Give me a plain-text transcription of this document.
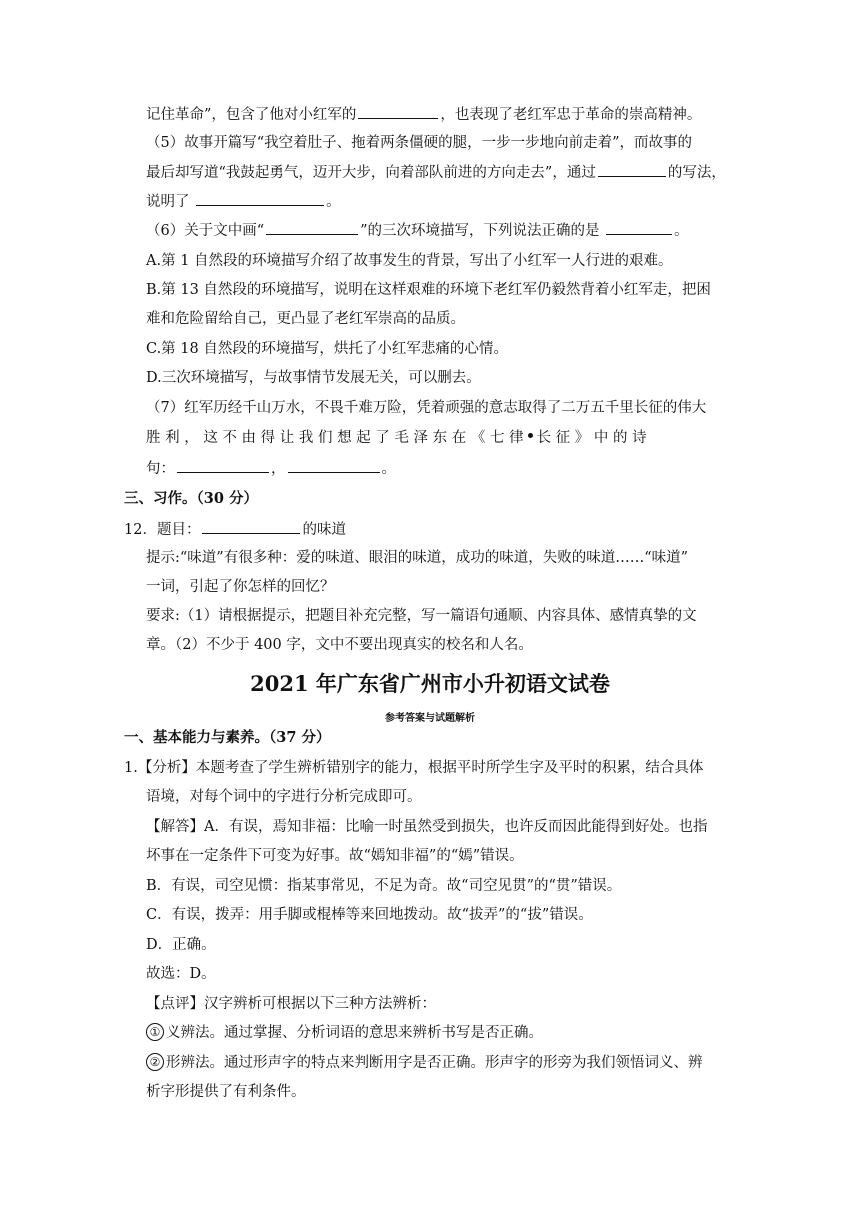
记住革命”，包含了他对小红军的	，也表现了老红军忠于革命的崇高精神。
（5）故事开篇写“我空着肚子、拖着两条僵硬的腿，一步一步地向前走着”，而故事的
最后却写道“我鼓起勇气，迈开大步，向着部队前进的方向走去”，通过	的写法，
说明了	。
（6）关于文中画“	”的三次环境描写，下列说法正确的是	。
A.第 1 自然段的环境描写介绍了故事发生的背景，写出了小红军一人行进的艰难。
B.第 13 自然段的环境描写，说明在这样艰难的环境下老红军仍毅然背着小红军走，把困
难和危险留给自己，更凸显了老红军崇高的品质。
C.第 18 自然段的环境描写，烘托了小红军悲痛的心情。
D.三次环境描写，与故事情节发展无关，可以删去。
（7）红军历经千山万水，不畏千难万险，凭着顽强的意志取得了二万五千里长征的伟大
胜 利 ， 这 不 由 得 让 我 们 想 起 了 毛 泽 东 在 《 七 律 长 征 》 中 的 诗
句：	，	。
三、习作。（30 分）
12．题目：	的味道
提示:“味道”有很多种：爱的味道、眼泪的味道，成功的味道，失败的味道……“味道”
一词，引起了你怎样的回忆？
要求:（1）请根据提示，把题目补充完整，写一篇语句通顺、内容具体、感情真挚的文
章。（2）不少于 400 字，文中不要出现真实的校名和人名。
2021 年广东省广州市小升初语文试卷
参考答案与试题解析
一、基本能力与素养。（37 分）
1.【分析】本题考查了学生辨析错别字的能力，根据平时所学生字及平时的积累，结合具体
语境，对每个词中的字进行分析完成即可。
【解答】A．有误，焉知非福：比喻一时虽然受到损失，也许反而因此能得到好处。也指
坏事在一定条件下可变为好事。故“嫣知非福”的“嫣”错误。
B．有误，司空见惯：指某事常见，不足为奇。故“司空见贯”的“贯”错误。
C．有误，拨弄：用手脚或棍棒等来回地拨动。故“拔弄”的“拔”错误。
D．正确。
故选：D。
【点评】汉字辨析可根据以下三种方法辨析：
① 义辨法。通过掌握、分析词语的意思来辨析书写是否正确。
② 形辨法。通过形声字的特点来判断用字是否正确。形声字的形旁为我们领悟词义、辨
析字形提供了有利条件。
